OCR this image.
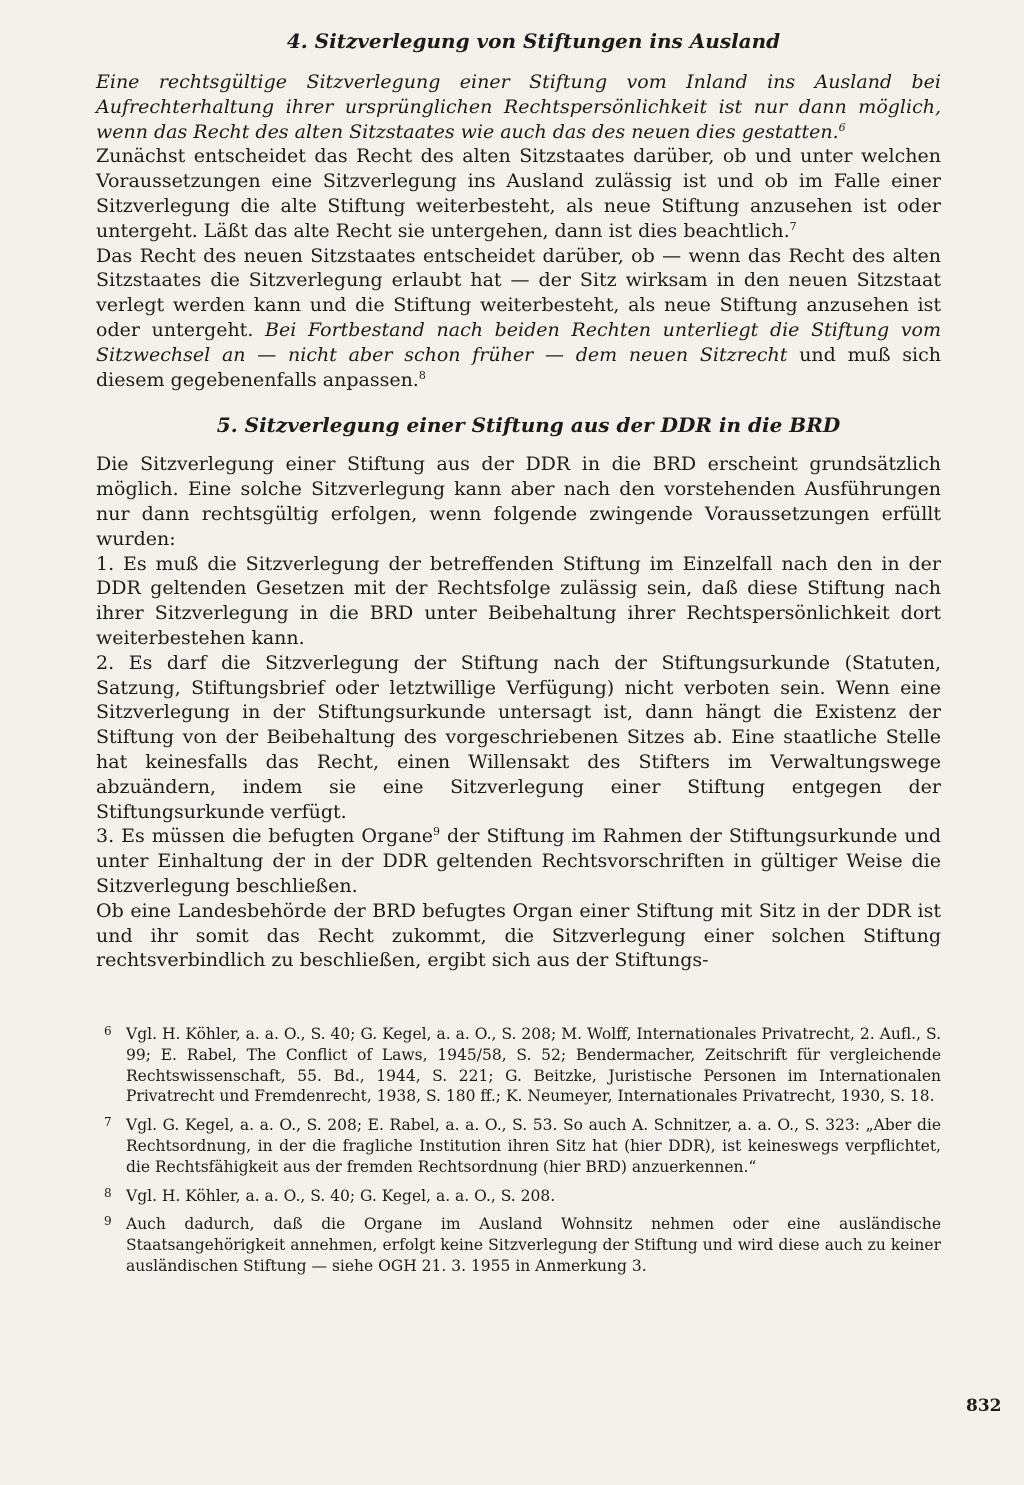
4. Sitzverlegung von Stiftungen ins Ausland

Eine rechtsgültige Sitzverlegung einer Stiftung vom Inland ins Ausland bei Aufrechterhaltung ihrer ursprünglichen Rechtspersönlichkeit ist nur dann möglich, wenn das Recht des alten Sitzstaates wie auch das des neuen dies gestatten.$^6$

Zunächst entscheidet das Recht des alten Sitzstaates darüber, ob und unter welchen Voraussetzungen eine Sitzverlegung ins Ausland zulässig ist und ob im Falle einer Sitzverlegung die alte Stiftung weiterbesteht, als neue Stiftung anzusehen ist oder untergeht. Läßt das alte Recht sie untergehen, dann ist dies beachtlich.$^7$

Das Recht des neuen Sitzstaates entscheidet darüber, ob — wenn das Recht des alten Sitzstaates die Sitzverlegung erlaubt hat — der Sitz wirksam in den neuen Sitzstaat verlegt werden kann und die Stiftung weiterbesteht, als neue Stiftung anzusehen ist oder untergeht. Bei Fortbestand nach beiden Rechten unterliegt die Stiftung vom Sitzwechsel an — nicht aber schon früher — dem neuen Sitzrecht und muß sich diesem gegebenenfalls anpassen.$^8$

5. Sitzverlegung einer Stiftung aus der DDR in die BRD

Die Sitzverlegung einer Stiftung aus der DDR in die BRD erscheint grundsätzlich möglich. Eine solche Sitzverlegung kann aber nach den vorstehenden Ausführungen nur dann rechtsgültig erfolgen, wenn folgende zwingende Voraussetzungen erfüllt wurden:

1. Es muß die Sitzverlegung der betreffenden Stiftung im Einzelfall nach den in der DDR geltenden Gesetzen mit der Rechtsfolge zulässig sein, daß diese Stiftung nach ihrer Sitzverlegung in die BRD unter Beibehaltung ihrer Rechtspersönlichkeit dort weiterbestehen kann.

2. Es darf die Sitzverlegung der Stiftung nach der Stiftungsurkunde (Statuten, Satzung, Stiftungsbrief oder letztwillige Verfügung) nicht verboten sein. Wenn eine Sitzverlegung in der Stiftungsurkunde untersagt ist, dann hängt die Existenz der Stiftung von der Beibehaltung des vorgeschriebenen Sitzes ab. Eine staatliche Stelle hat keinesfalls das Recht, einen Willensakt des Stifters im Verwaltungswege abzuändern, indem sie eine Sitzverlegung einer Stiftung entgegen der Stiftungsurkunde verfügt.

3. Es müssen die befugten Organe$^9$ der Stiftung im Rahmen der Stiftungsurkunde und unter Einhaltung der in der DDR geltenden Rechtsvorschriften in gültiger Weise die Sitzverlegung beschließen.

Ob eine Landesbehörde der BRD befugtes Organ einer Stiftung mit Sitz in der DDR ist und ihr somit das Recht zukommt, die Sitzverlegung einer solchen Stiftung rechtsverbindlich zu beschließen, ergibt sich aus der Stiftungs-

6 Vgl. H. Köhler, a. a. O., S. 40; G. Kegel, a. a. O., S. 208; M. Wolff, Internationales Privatrecht, 2. Aufl., S. 99; E. Rabel, The Conflict of Laws, 1945/58, S. 52; Bendermacher, Zeitschrift für vergleichende Rechtswissenschaft, 55. Bd., 1944, S. 221; G. Beitzke, Juristische Personen im Internationalen Privatrecht und Fremdenrecht, 1938, S. 180 ff.; K. Neumeyer, Internationales Privatrecht, 1930, S. 18.

7 Vgl. G. Kegel, a. a. O., S. 208; E. Rabel, a. a. O., S. 53. So auch A. Schnitzer, a. a. O., S. 323: „Aber die Rechtsordnung, in der die fragliche Institution ihren Sitz hat (hier DDR), ist keineswegs verpflichtet, die Rechtsfähigkeit aus der fremden Rechtsordnung (hier BRD) anzuerkennen.“

8 Vgl. H. Köhler, a. a. O., S. 40; G. Kegel, a. a. O., S. 208.

9 Auch dadurch, daß die Organe im Ausland Wohnsitz nehmen oder eine ausländische Staatsangehörigkeit annehmen, erfolgt keine Sitzverlegung der Stiftung und wird diese auch zu keiner ausländischen Stiftung — siehe OGH 21. 3. 1955 in Anmerkung 3.

832
